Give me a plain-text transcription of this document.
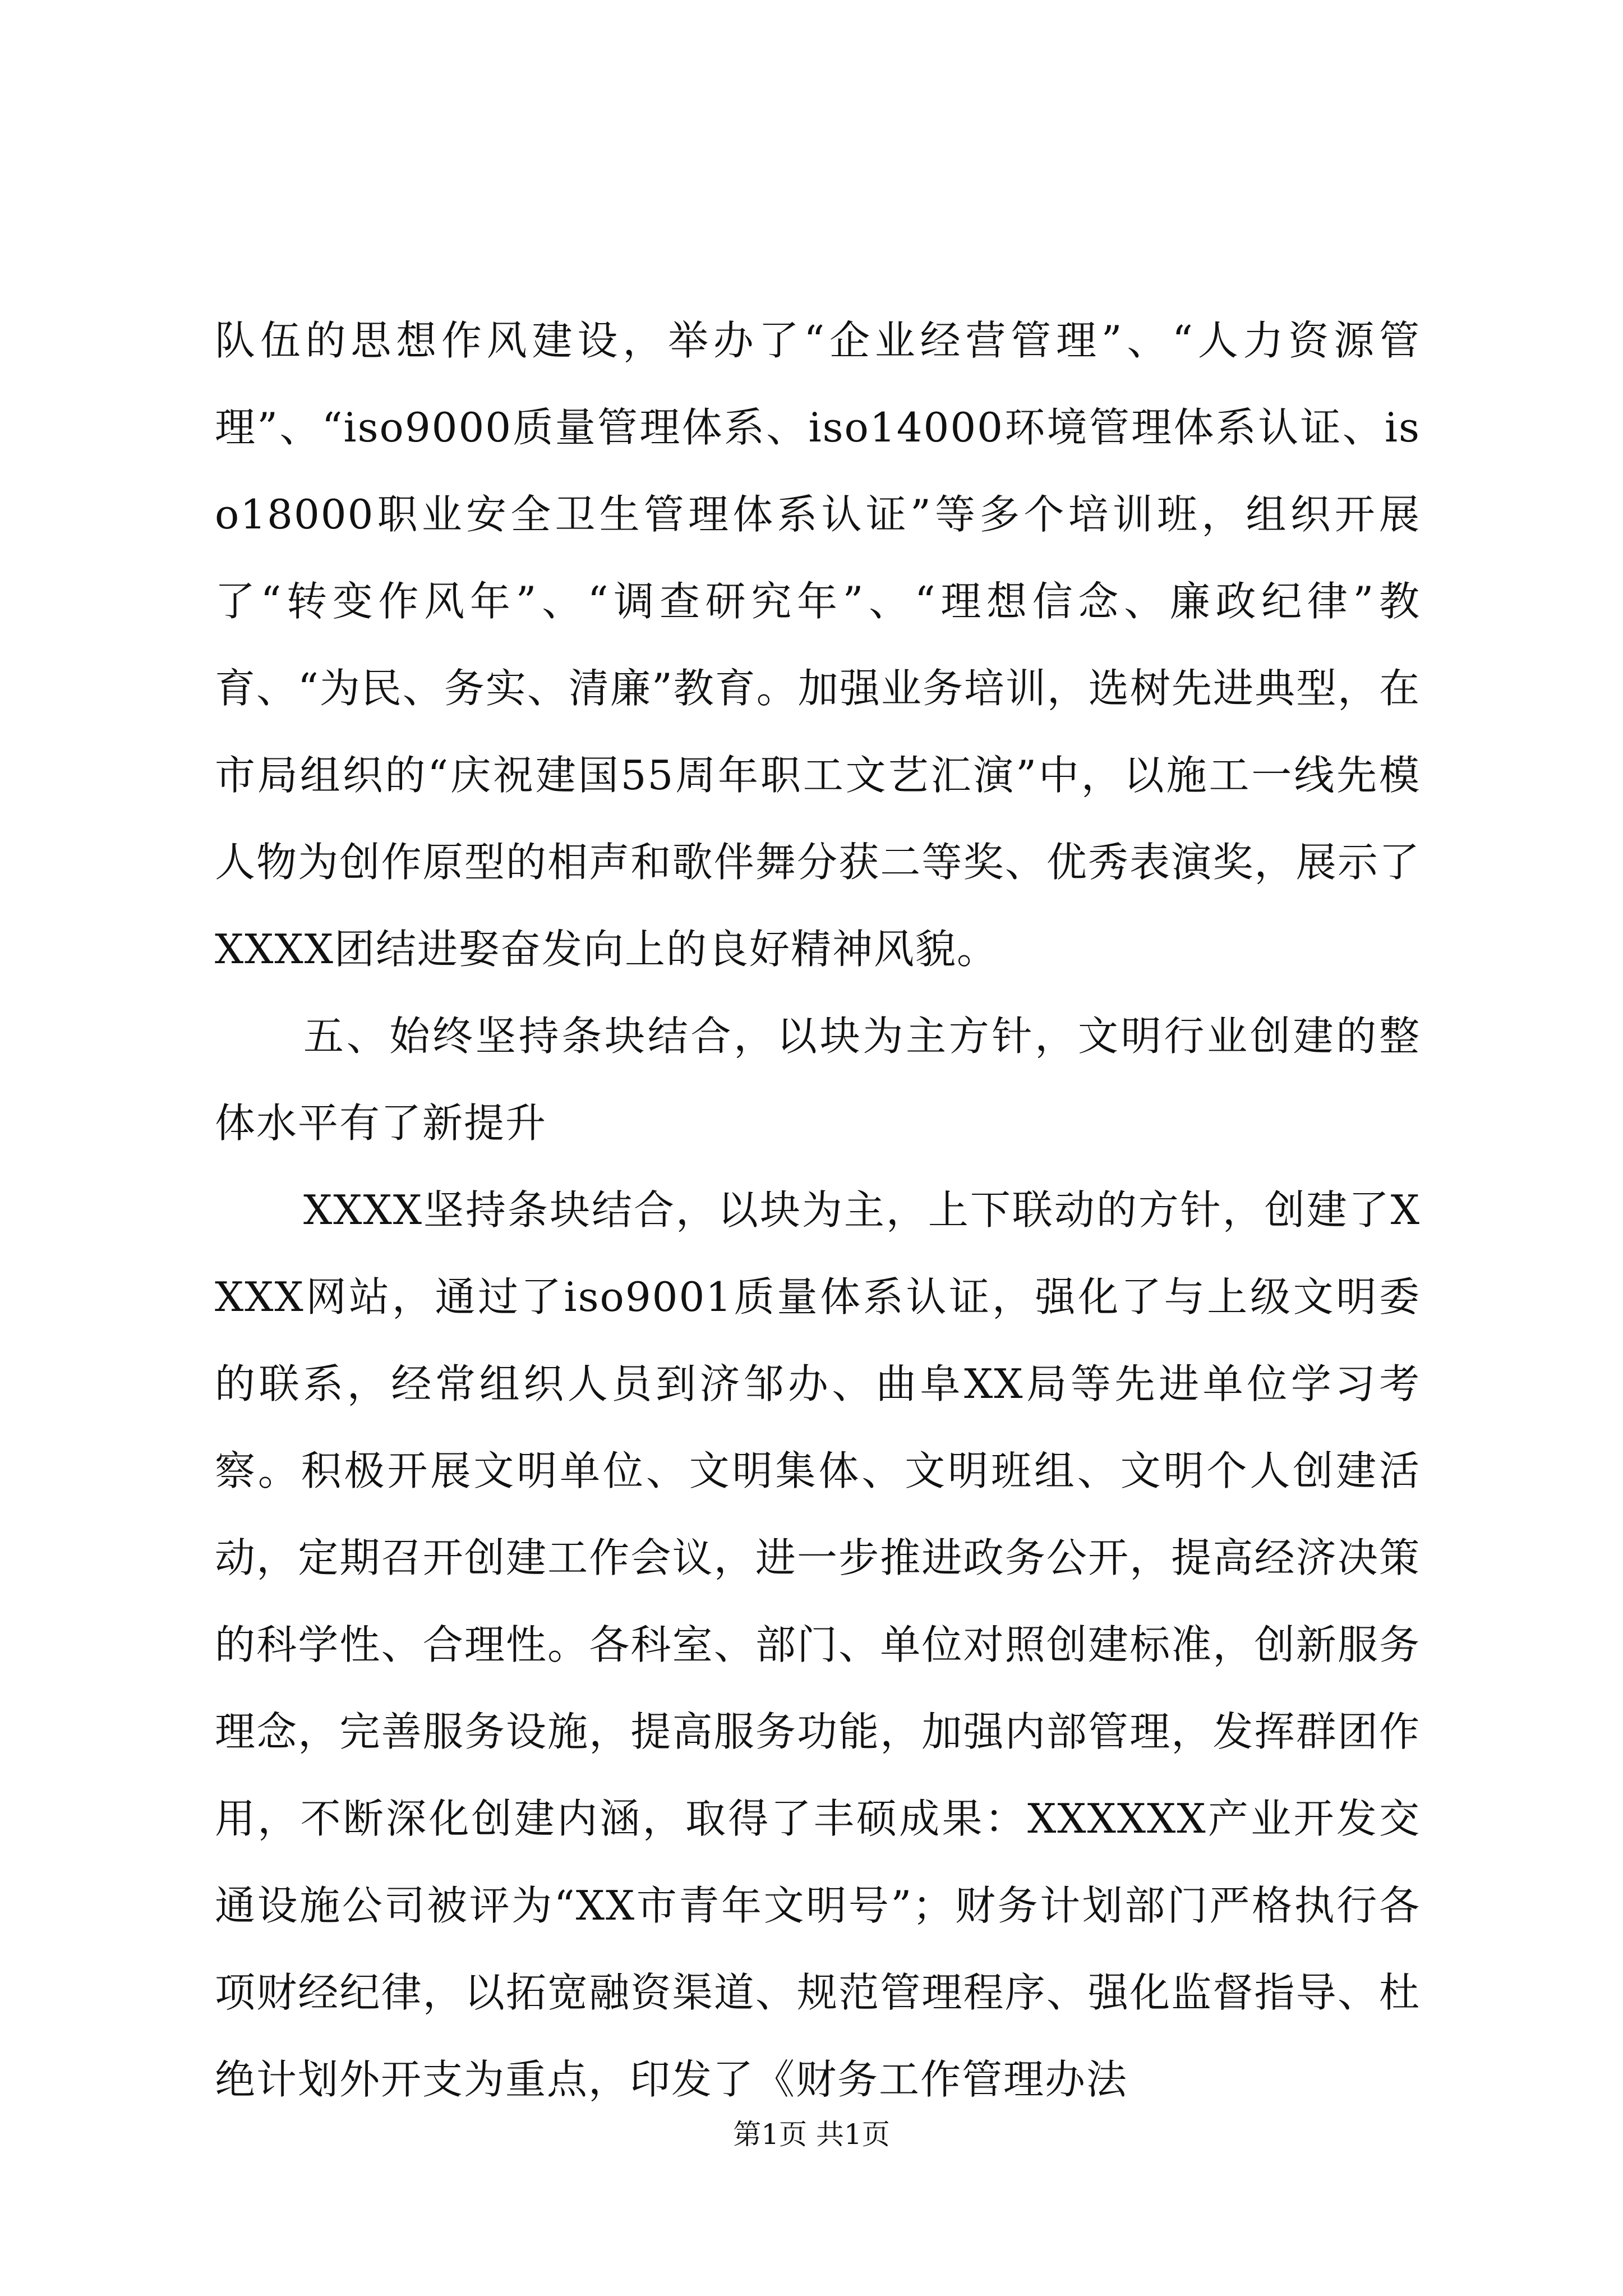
队伍的思想作风建设，举办了“企业经营管理”、“人力资源管理”、“iso9000质量管理体系、iso14000环境管理体系认证、iso18000职业安全卫生管理体系认证”等多个培训班，组织开展了“转变作风年”、“调查研究年”、“理想信念、廉政纪律”教育、“为民、务实、清廉”教育。加强业务培训，选树先进典型，在市局组织的“庆祝建国55周年职工文艺汇演”中，以施工一线先模人物为创作原型的相声和歌伴舞分获二等奖、优秀表演奖，展示了XXXX团结进娶奋发向上的良好精神风貌。

五、始终坚持条块结合，以块为主方针，文明行业创建的整体水平有了新提升

XXXX坚持条块结合，以块为主，上下联动的方针，创建了XXXX网站，通过了iso9001质量体系认证，强化了与上级文明委的联系，经常组织人员到济邹办、曲阜XX局等先进单位学习考察。积极开展文明单位、文明集体、文明班组、文明个人创建活动，定期召开创建工作会议，进一步推进政务公开，提高经济决策的科学性、合理性。各科室、部门、单位对照创建标准，创新服务理念，完善服务设施，提高服务功能，加强内部管理，发挥群团作用，不断深化创建内涵，取得了丰硕成果：XXXXXX产业开发交通设施公司被评为“XX市青年文明号”；财务计划部门严格执行各项财经纪律，以拓宽融资渠道、规范管理程序、强化监督指导、杜绝计划外开支为重点，印发了《财务工作管理办法

第1页 共1页
